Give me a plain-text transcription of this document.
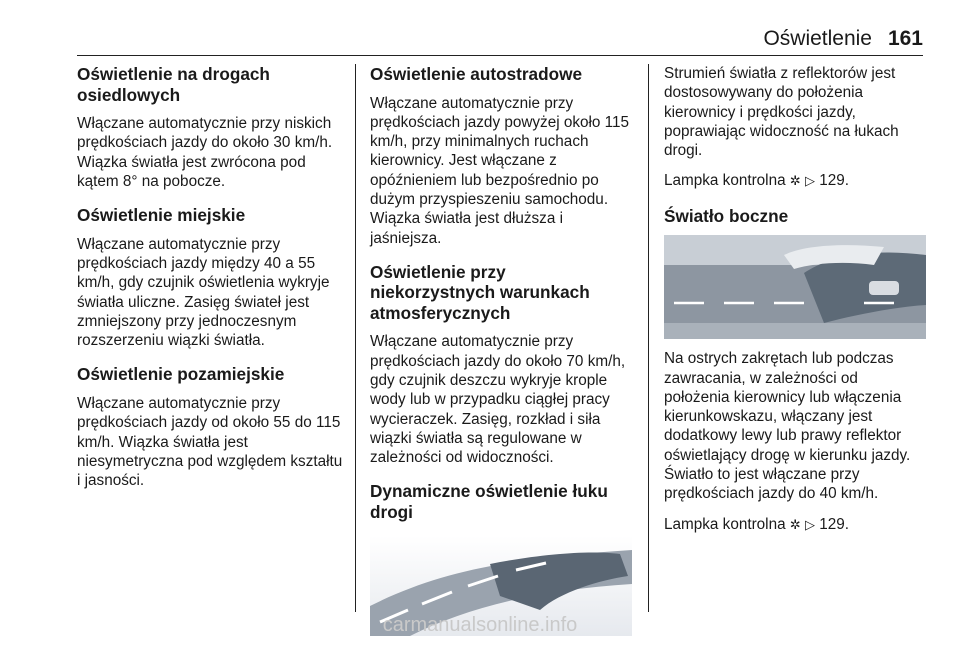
Oświetlenie 161
Oświetlenie na drogach osiedlowych

Włączane automatycznie przy niskich prędkościach jazdy do około 30 km/h. Wiązka światła jest zwrócona pod kątem 8° na pobocze.

Oświetlenie miejskie

Włączane automatycznie przy prędkościach jazdy między 40 a 55 km/h, gdy czujnik oświetlenia wykryje światła uliczne. Zasięg świateł jest zmniejszony przy jednoczesnym rozszerzeniu wiązki światła.

Oświetlenie pozamiejskie

Włączane automatycznie przy prędkościach jazdy od około 55 do 115 km/h. Wiązka światła jest niesymetryczna pod względem kształtu i jasności.

Oświetlenie autostradowe

Włączane automatycznie przy prędkościach jazdy powyżej około 115 km/h, przy minimalnych ruchach kierownicy. Jest włączane z opóźnieniem lub bezpośrednio po dużym przyspieszeniu samochodu. Wiązka światła jest dłuższa i jaśniejsza.

Oświetlenie przy niekorzystnych warunkach atmosferycznych

Włączane automatycznie przy prędkościach jazdy do około 70 km/h, gdy czujnik deszczu wykryje krople wody lub w przypadku ciągłej pracy wycieraczek. Zasięg, rozkład i siła wiązki światła są regulowane w zależności od widoczności.

Dynamiczne oświetlenie łuku drogi

Strumień światła z reflektorów jest dostosowywany do położenia kierownicy i prędkości jazdy, poprawiając widoczność na łukach drogi.

Lampka kontrolna ✲ ▷ 129.

Światło boczne

Na ostrych zakrętach lub podczas zawracania, w zależności od położenia kierownicy lub włączenia kierunkowskazu, włączany jest dodatkowy lewy lub prawy reflektor oświetlający drogę w kierunku jazdy. Światło to jest włączane przy prędkościach jazdy do 40 km/h.

Lampka kontrolna ✲ ▷ 129.

carmanualsonline.info
